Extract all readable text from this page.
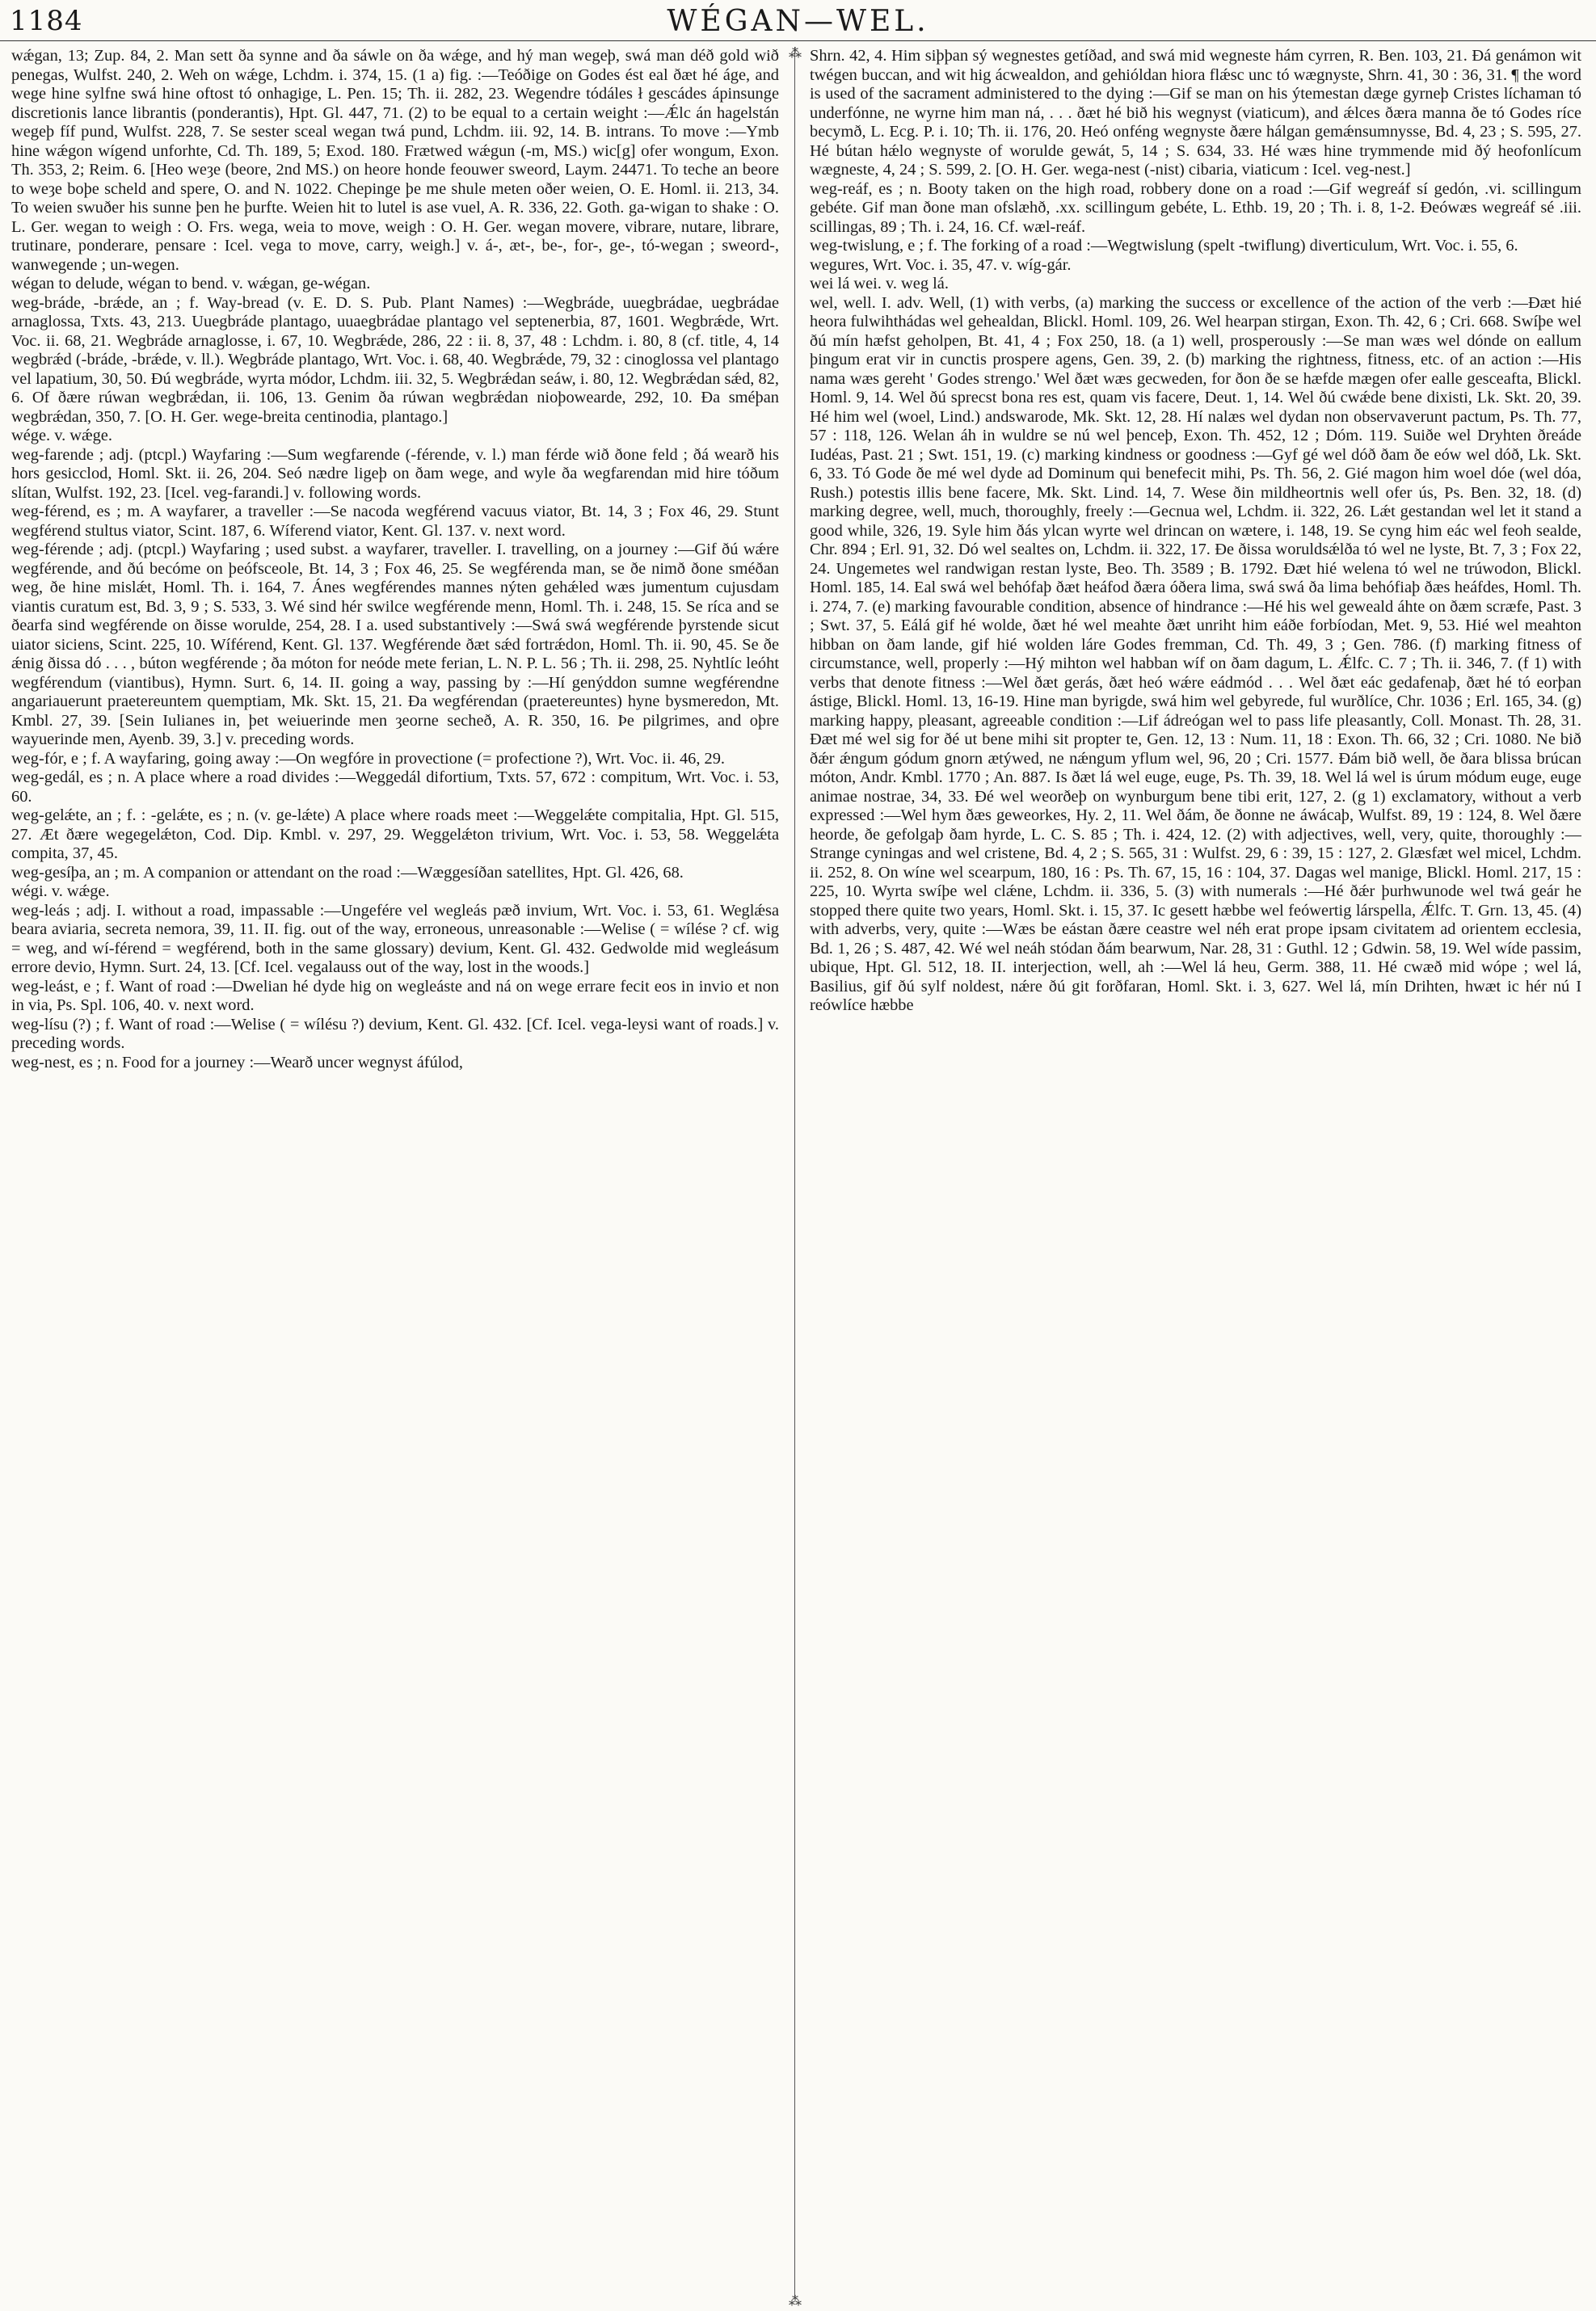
1184	WÉGAN—WEL.
⁂
⁂

wǽgan, 13; Zup. 84, 2. Man sett ða synne and ða sáwle on ða wǽge, and hý man wegeþ, swá man déð gold wið penegas, Wulfst. 240, 2. Weh on wǽge, Lchdm. i. 374, 15. (1 a) fig. :—Teóðige on Godes ést eal ðæt hé áge, and wege hine sylfne swá hine oftost tó onhagige, L. Pen. 15; Th. ii. 282, 23. Wegendre tódáles ł gescádes ápinsunge discretionis lance librantis (ponderantis), Hpt. Gl. 447, 71. (2) to be equal to a certain weight :—Ǽlc án hagelstán wegeþ fíf pund, Wulfst. 228, 7. Se sester sceal wegan twá pund, Lchdm. iii. 92, 14. B. intrans. To move :—Ymb hine wǽgon wígend unforhte, Cd. Th. 189, 5; Exod. 180. Frætwed wǽgun (-m, MS.) wic[g] ofer wongum, Exon. Th. 353, 2; Reim. 6. [Heo weȝe (beore, 2nd MS.) on heore honde feouwer sweord, Laym. 24471. To teche an beore to weȝe boþe scheld and spere, O. and N. 1022. Chepinge þe me shule meten oðer weien, O. E. Homl. ii. 213, 34. To weien swuðer his sunne þen he þurfte. Weien hit to lutel is ase vuel, A. R. 336, 22. Goth. ga-wigan to shake : O. L. Ger. wegan to weigh : O. Frs. wega, weia to move, weigh : O. H. Ger. wegan movere, vibrare, nutare, librare, trutinare, ponderare, pensare : Icel. vega to move, carry, weigh.] v. á-, æt-, be-, for-, ge-, tó-wegan ; sweord-, wanwegende ; un-wegen.

wégan to delude, wégan to bend. v. wǽgan, ge-wégan.

weg-bráde, -brǽde, an ; f. Way-bread (v. E. D. S. Pub. Plant Names) :—Wegbráde, uuegbrádae, uegbrádae arnaglossa, Txts. 43, 213. Uuegbráde plantago, uuaegbrádae plantago vel septenerbia, 87, 1601. Wegbrǽde, Wrt. Voc. ii. 68, 21. Wegbráde arnaglosse, i. 67, 10. Wegbrǽde, 286, 22 : ii. 8, 37, 48 : Lchdm. i. 80, 8 (cf. title, 4, 14 wegbrǽd (-bráde, -brǽde, v. ll.). Wegbráde plantago, Wrt. Voc. i. 68, 40. Wegbrǽde, 79, 32 : cinoglossa vel plantago vel lapatium, 30, 50. Ðú wegbráde, wyrta módor, Lchdm. iii. 32, 5. Wegbrǽdan seáw, i. 80, 12. Wegbrǽdan sǽd, 82, 6. Of ðære rúwan wegbrǽdan, ii. 106, 13. Genim ða rúwan wegbrǽdan nioþowearde, 292, 10. Ða sméþan wegbrǽdan, 350, 7. [O. H. Ger. wege-breita centinodia, plantago.]

wége. v. wǽge.

weg-farende ; adj. (ptcpl.) Wayfaring :—Sum wegfarende (-férende, v. l.) man férde wið ðone feld ; ðá wearð his hors gesicclod, Homl. Skt. ii. 26, 204. Seó nædre ligeþ on ðam wege, and wyle ða wegfarendan mid hire tóðum slítan, Wulfst. 192, 23. [Icel. veg-farandi.] v. following words.

weg-férend, es ; m. A wayfarer, a traveller :—Se nacoda wegférend vacuus viator, Bt. 14, 3 ; Fox 46, 29. Stunt wegférend stultus viator, Scint. 187, 6. Wíferend viator, Kent. Gl. 137. v. next word.

weg-férende ; adj. (ptcpl.) Wayfaring ; used subst. a wayfarer, traveller. I. travelling, on a journey :—Gif ðú wǽre wegférende, and ðú becóme on þeófsceole, Bt. 14, 3 ; Fox 46, 25. Se wegférenda man, se ðe nimð ðone sméðan weg, ðe hine mislǽt, Homl. Th. i. 164, 7. Ánes wegférendes mannes nýten gehǽled wæs jumentum cujusdam viantis curatum est, Bd. 3, 9 ; S. 533, 3. Wé sind hér swilce wegférende menn, Homl. Th. i. 248, 15. Se ríca and se ðearfa sind wegférende on ðisse worulde, 254, 28. I a. used substantively :—Swá swá wegférende þyrstende sicut uiator siciens, Scint. 225, 10. Wíférend, Kent. Gl. 137. Wegférende ðæt sǽd fortrǽdon, Homl. Th. ii. 90, 45. Se ðe ǽnig ðissa dó . . . , búton wegférende ; ða móton for neóde mete ferian, L. N. P. L. 56 ; Th. ii. 298, 25. Nyhtlíc leóht wegférendum (viantibus), Hymn. Surt. 6, 14. II. going a way, passing by :—Hí genýddon sumne wegférendne angariauerunt praetereuntem quemptiam, Mk. Skt. 15, 21. Ða wegférendan (praetereuntes) hyne bysmeredon, Mt. Kmbl. 27, 39. [Sein Iulianes in, þet weiuerinde men ȝeorne secheð, A. R. 350, 16. Þe pilgrimes, and oþre wayuerinde men, Ayenb. 39, 3.] v. preceding words.

weg-fór, e ; f. A wayfaring, going away :—On wegfóre in provectione (= profectione ?), Wrt. Voc. ii. 46, 29.

weg-gedál, es ; n. A place where a road divides :—Weggedál difortium, Txts. 57, 672 : compitum, Wrt. Voc. i. 53, 60.

weg-gelǽte, an ; f. : -gelǽte, es ; n. (v. ge-lǽte) A place where roads meet :—Weggelǽte compitalia, Hpt. Gl. 515, 27. Æt ðære wegegelǽton, Cod. Dip. Kmbl. v. 297, 29. Weggelǽton trivium, Wrt. Voc. i. 53, 58. Weggelǽta compita, 37, 45.

weg-gesíþa, an ; m. A companion or attendant on the road :—Wæggesíðan satellites, Hpt. Gl. 426, 68.

wégi. v. wǽge.

weg-leás ; adj. I. without a road, impassable :—Ungefére vel wegleás pæð invium, Wrt. Voc. i. 53, 61. Weglǽsa beara aviaria, secreta nemora, 39, 11. II. fig. out of the way, erroneous, unreasonable :—Welise ( = wílése ? cf. wig = weg, and wí-férend = wegférend, both in the same glossary) devium, Kent. Gl. 432. Gedwolde mid wegleásum errore devio, Hymn. Surt. 24, 13. [Cf. Icel. vegalauss out of the way, lost in the woods.]

weg-leást, e ; f. Want of road :—Dwelian hé dyde hig on wegleáste and ná on wege errare fecit eos in invio et non in via, Ps. Spl. 106, 40. v. next word.

weg-lísu (?) ; f. Want of road :—Welise ( = wílésu ?) devium, Kent. Gl. 432. [Cf. Icel. vega-leysi want of roads.] v. preceding words.

weg-nest, es ; n. Food for a journey :—Wearð uncer wegnyst áfúlod,

Shrn. 42, 4. Him siþþan sý wegnestes getíðad, and swá mid wegneste hám cyrren, R. Ben. 103, 21. Ðá genámon wit twégen buccan, and wit hig ácwealdon, and gehióldan hiora flǽsc unc tó wægnyste, Shrn. 41, 30 : 36, 31. ¶ the word is used of the sacrament administered to the dying :—Gif se man on his ýtemestan dæge gyrneþ Cristes líchaman tó underfónne, ne wyrne him man ná, . . . ðæt hé bið his wegnyst (viaticum), and ǽlces ðæra manna ðe tó Godes ríce becymð, L. Ecg. P. i. 10; Th. ii. 176, 20. Heó onféng wegnyste ðære hálgan gemǽnsumnysse, Bd. 4, 23 ; S. 595, 27. Hé bútan hǽlo wegnyste of worulde gewát, 5, 14 ; S. 634, 33. Hé wæs hine trymmende mid ðý heofonlícum wægneste, 4, 24 ; S. 599, 2. [O. H. Ger. wega-nest (-nist) cibaria, viaticum : Icel. veg-nest.]

weg-reáf, es ; n. Booty taken on the high road, robbery done on a road :—Gif wegreáf sí gedón, .vi. scillingum gebéte. Gif man ðone man ofslæhð, .xx. scillingum gebéte, L. Ethb. 19, 20 ; Th. i. 8, 1-2. Ðeówæs wegreáf sé .iii. scillingas, 89 ; Th. i. 24, 16. Cf. wæl-reáf.

weg-twislung, e ; f. The forking of a road :—Wegtwislung (spelt -twiflung) diverticulum, Wrt. Voc. i. 55, 6.

wegures, Wrt. Voc. i. 35, 47. v. wíg-gár.

wei lá wei. v. weg lá.

wel, well. I. adv. Well, (1) with verbs, (a) marking the success or excellence of the action of the verb :—Ðæt hié heora fulwihthádas wel gehealdan, Blickl. Homl. 109, 26. Wel hearpan stirgan, Exon. Th. 42, 6 ; Cri. 668. Swíþe wel ðú mín hæfst geholpen, Bt. 41, 4 ; Fox 250, 18. (a 1) well, prosperously :—Se man wæs wel dónde on eallum þingum erat vir in cunctis prospere agens, Gen. 39, 2. (b) marking the rightness, fitness, etc. of an action :—His nama wæs gereht ' Godes strengo.' Wel ðæt wæs gecweden, for ðon ðe se hæfde mægen ofer ealle gesceafta, Blickl. Homl. 9, 14. Wel ðú sprecst bona res est, quam vis facere, Deut. 1, 14. Wel ðú cwǽde bene dixisti, Lk. Skt. 20, 39. Hé him wel (woel, Lind.) andswarode, Mk. Skt. 12, 28. Hí nalæs wel dydan non observaverunt pactum, Ps. Th. 77, 57 : 118, 126. Welan áh in wuldre se nú wel þenceþ, Exon. Th. 452, 12 ; Dóm. 119. Suiðe wel Dryhten ðreáde Iudéas, Past. 21 ; Swt. 151, 19. (c) marking kindness or goodness :—Gyf gé wel dóð ðam ðe eów wel dóð, Lk. Skt. 6, 33. Tó Gode ðe mé wel dyde ad Dominum qui benefecit mihi, Ps. Th. 56, 2. Gié magon him woel dóe (wel dóa, Rush.) potestis illis bene facere, Mk. Skt. Lind. 14, 7. Wese ðin mildheortnis well ofer ús, Ps. Ben. 32, 18. (d) marking degree, well, much, thoroughly, freely :—Gecnua wel, Lchdm. ii. 322, 26. Lǽt gestandan wel let it stand a good while, 326, 19. Syle him ðás ylcan wyrte wel drincan on wætere, i. 148, 19. Se cyng him eác wel feoh sealde, Chr. 894 ; Erl. 91, 32. Dó wel sealtes on, Lchdm. ii. 322, 17. Ðe ðissa woruldsǽlða tó wel ne lyste, Bt. 7, 3 ; Fox 22, 24. Ungemetes wel randwigan restan lyste, Beo. Th. 3589 ; B. 1792. Ðæt hié welena tó wel ne trúwodon, Blickl. Homl. 185, 14. Eal swá wel behófaþ ðæt heáfod ðæra óðera lima, swá swá ða lima behófiaþ ðæs heáfdes, Homl. Th. i. 274, 7. (e) marking favourable condition, absence of hindrance :—Hé his wel geweald áhte on ðæm scræfe, Past. 3 ; Swt. 37, 5. Eálá gif hé wolde, ðæt hé wel meahte ðæt unriht him eáðe forbíodan, Met. 9, 53. Hié wel meahton hibban on ðam lande, gif hié wolden láre Godes fremman, Cd. Th. 49, 3 ; Gen. 786. (f) marking fitness of circumstance, well, properly :—Hý mihton wel habban wíf on ðam dagum, L. Ǽlfc. C. 7 ; Th. ii. 346, 7. (f 1) with verbs that denote fitness :—Wel ðæt gerás, ðæt heó wǽre eádmód . . . Wel ðæt eác gedafenaþ, ðæt hé tó eorþan ástige, Blickl. Homl. 13, 16-19. Hine man byrigde, swá him wel gebyrede, ful wurðlíce, Chr. 1036 ; Erl. 165, 34. (g) marking happy, pleasant, agreeable condition :—Lif ádreógan wel to pass life pleasantly, Coll. Monast. Th. 28, 31. Ðæt mé wel sig for ðé ut bene mihi sit propter te, Gen. 12, 13 : Num. 11, 18 : Exon. Th. 66, 32 ; Cri. 1080. Ne bið ðǽr ǽngum gódum gnorn ætýwed, ne nǽngum yflum wel, 96, 20 ; Cri. 1577. Ðám bið well, ðe ðara blissa brúcan móton, Andr. Kmbl. 1770 ; An. 887. Is ðæt lá wel euge, euge, Ps. Th. 39, 18. Wel lá wel is úrum módum euge, euge animae nostrae, 34, 33. Ðé wel weorðeþ on wynburgum bene tibi erit, 127, 2. (g 1) exclamatory, without a verb expressed :—Wel hym ðæs geweorkes, Hy. 2, 11. Wel ðám, ðe ðonne ne áwácaþ, Wulfst. 89, 19 : 124, 8. Wel ðære heorde, ðe gefolgaþ ðam hyrde, L. C. S. 85 ; Th. i. 424, 12. (2) with adjectives, well, very, quite, thoroughly :—Strange cyningas and wel cristene, Bd. 4, 2 ; S. 565, 31 : Wulfst. 29, 6 : 39, 15 : 127, 2. Glæsfæt wel micel, Lchdm. ii. 252, 8. On wíne wel scearpum, 180, 16 : Ps. Th. 67, 15, 16 : 104, 37. Dagas wel manige, Blickl. Homl. 217, 15 : 225, 10. Wyrta swíþe wel clǽne, Lchdm. ii. 336, 5. (3) with numerals :—Hé ðǽr þurhwunode wel twá geár he stopped there quite two years, Homl. Skt. i. 15, 37. Ic gesett hæbbe wel feówertig lárspella, Ǽlfc. T. Grn. 13, 45. (4) with adverbs, very, quite :—Wæs be eástan ðære ceastre wel néh erat prope ipsam civitatem ad orientem ecclesia, Bd. 1, 26 ; S. 487, 42. Wé wel neáh stódan ðám bearwum, Nar. 28, 31 : Guthl. 12 ; Gdwin. 58, 19. Wel wíde passim, ubique, Hpt. Gl. 512, 18. II. interjection, well, ah :—Wel lá heu, Germ. 388, 11. Hé cwæð mid wópe ; wel lá, Basilius, gif ðú sylf noldest, nǽre ðú git forðfaran, Homl. Skt. i. 3, 627. Wel lá, mín Drihten, hwæt ic hér nú I reówlíce hæbbe
